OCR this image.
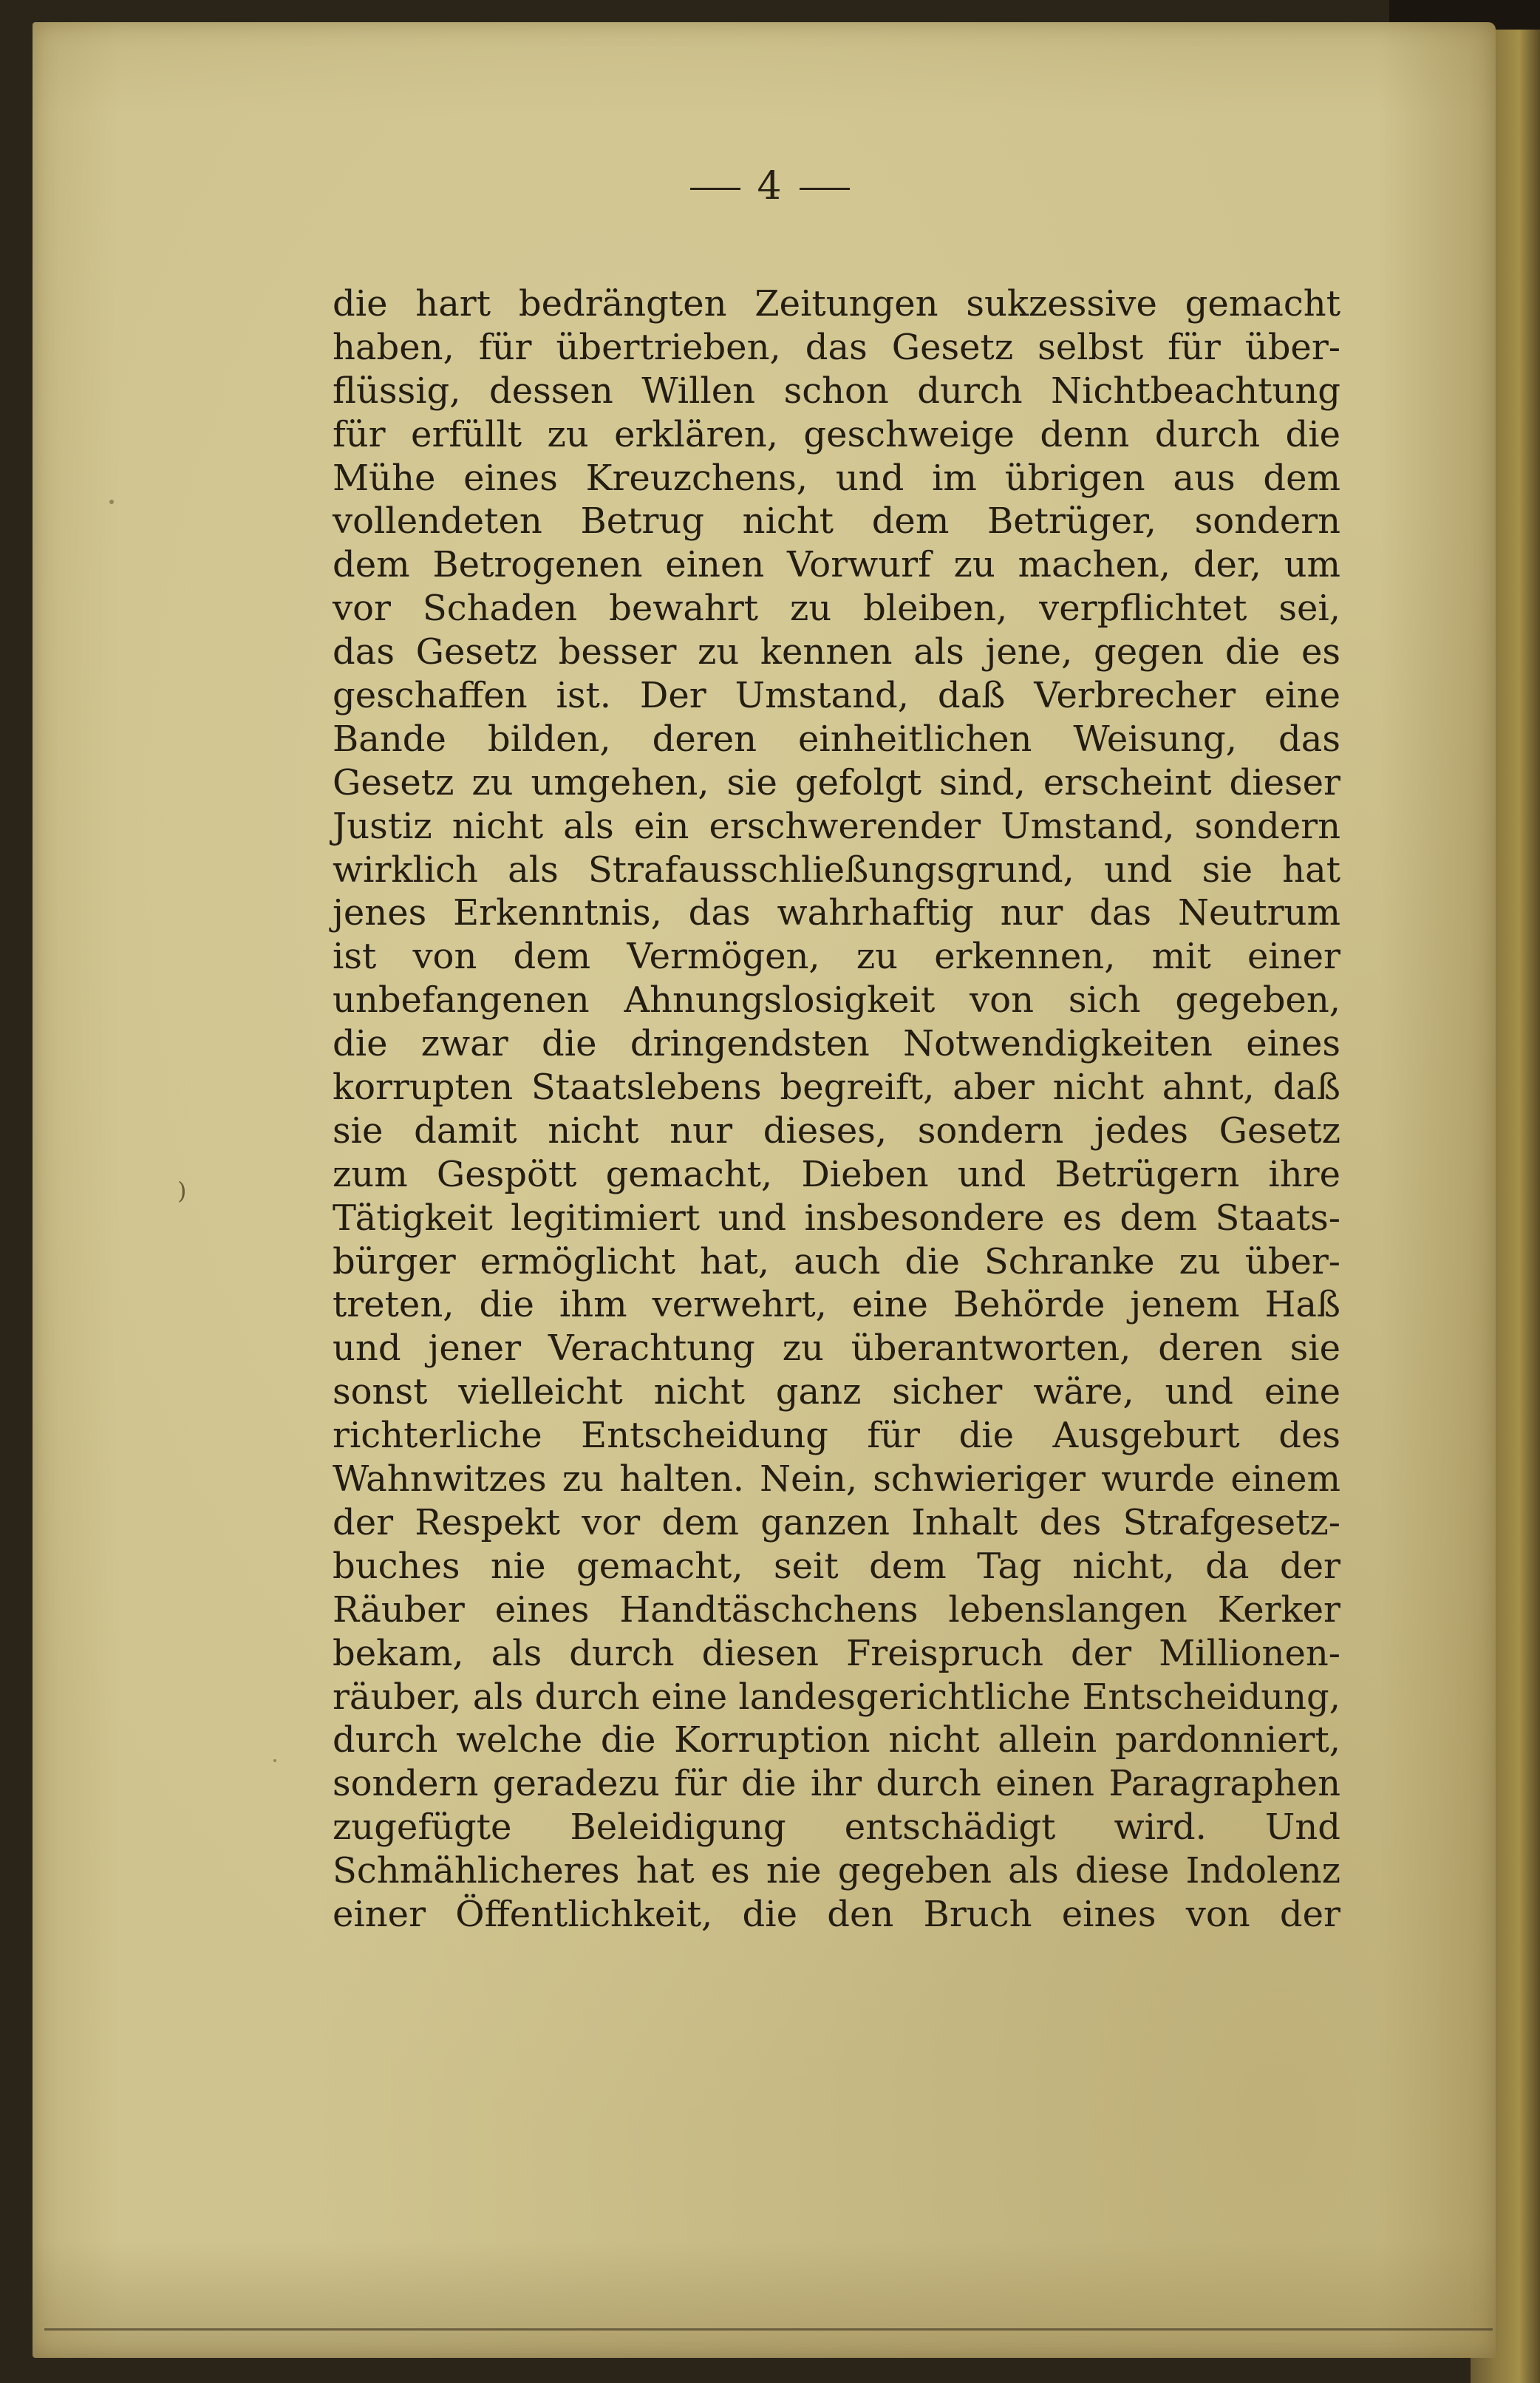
)
4
die hart bedrängten Zeitungen sukzessive gemacht
haben, für übertrieben, das Gesetz selbst für über-
flüssig, dessen Willen schon durch Nichtbeachtung
für erfüllt zu erklären, geschweige denn durch die
Mühe eines Kreuzchens, und im übrigen aus dem
vollendeten Betrug nicht dem Betrüger, sondern
dem Betrogenen einen Vorwurf zu machen, der, um
vor Schaden bewahrt zu bleiben, verpflichtet sei,
das Gesetz besser zu kennen als jene, gegen die es
geschaffen ist. Der Umstand, daß Verbrecher eine
Bande bilden, deren einheitlichen Weisung, das
Gesetz zu umgehen, sie gefolgt sind, erscheint dieser
Justiz nicht als ein erschwerender Umstand, sondern
wirklich als Strafausschließungsgrund, und sie hat
jenes Erkenntnis, das wahrhaftig nur das Neutrum
ist von dem Vermögen, zu erkennen, mit einer
unbefangenen Ahnungslosigkeit von sich gegeben,
die zwar die dringendsten Notwendigkeiten eines
korrupten Staatslebens begreift, aber nicht ahnt, daß
sie damit nicht nur dieses, sondern jedes Gesetz
zum Gespött gemacht, Dieben und Betrügern ihre
Tätigkeit legitimiert und insbesondere es dem Staats-
bürger ermöglicht hat, auch die Schranke zu über-
treten, die ihm verwehrt, eine Behörde jenem Haß
und jener Verachtung zu überantworten, deren sie
sonst vielleicht nicht ganz sicher wäre, und eine
richterliche Entscheidung für die Ausgeburt des
Wahnwitzes zu halten. Nein, schwieriger wurde einem
der Respekt vor dem ganzen Inhalt des Strafgesetz-
buches nie gemacht, seit dem Tag nicht, da der
Räuber eines Handtäschchens lebenslangen Kerker
bekam, als durch diesen Freispruch der Millionen-
räuber, als durch eine landesgerichtliche Entscheidung,
durch welche die Korruption nicht allein pardonniert,
sondern geradezu für die ihr durch einen Paragraphen
zugefügte Beleidigung entschädigt wird. Und
Schmählicheres hat es nie gegeben als diese Indolenz
einer Öffentlichkeit, die den Bruch eines von der
